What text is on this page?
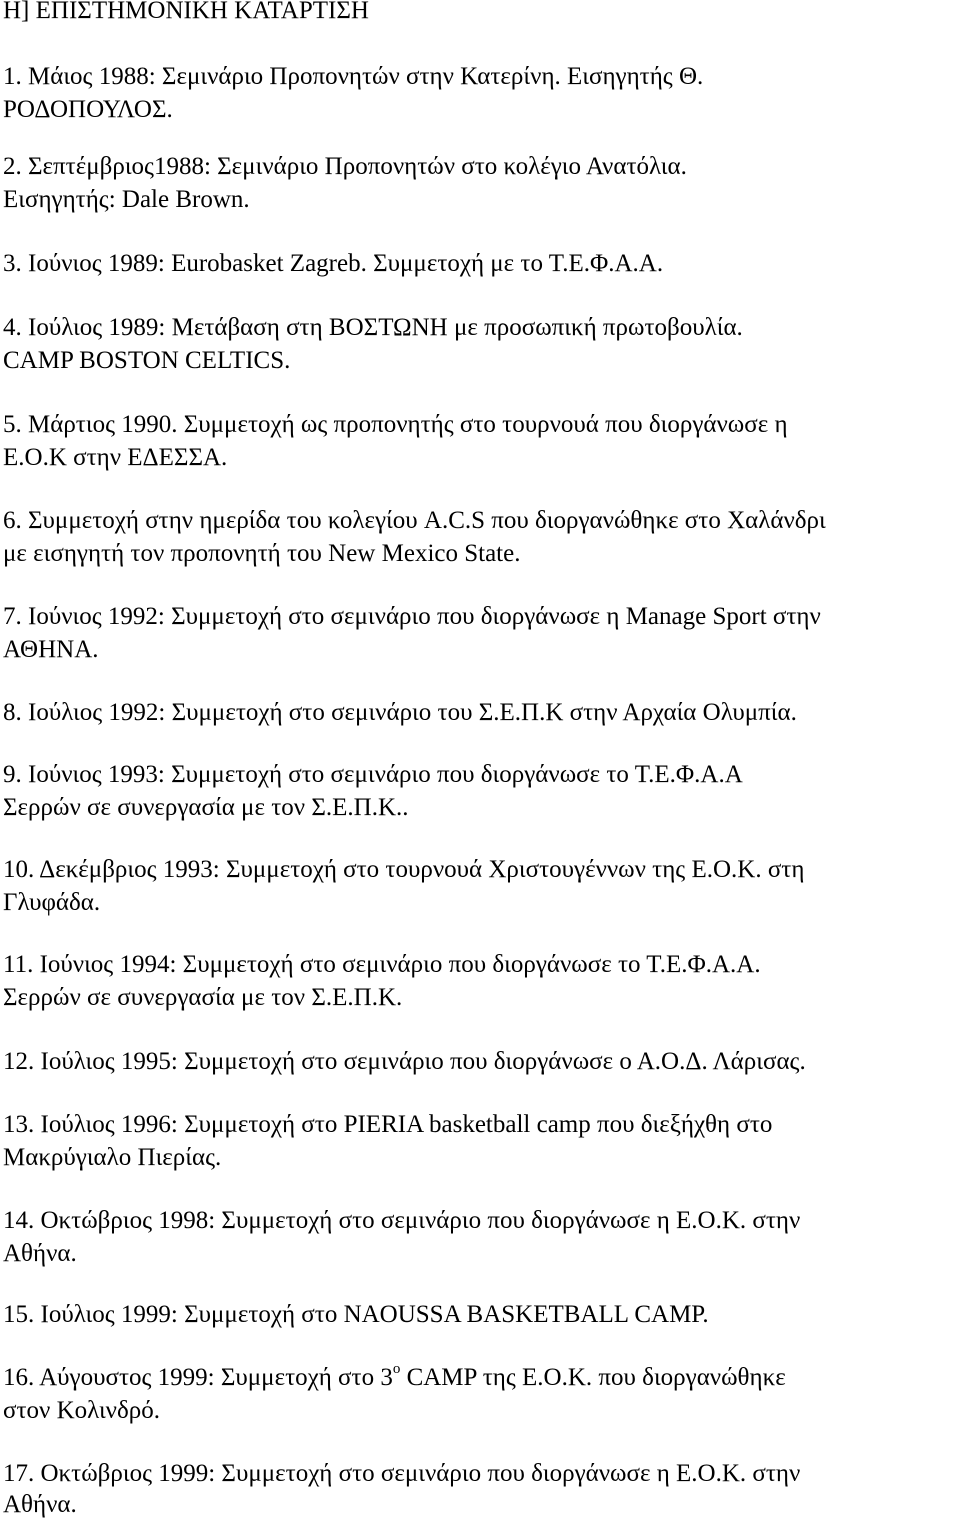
Η] ΕΠΙΣΤΗΜΟΝΙΚΗ ΚΑΤΑΡΤΙΣΗ
1. Μάιος 1988: Σεμινάριο Προπονητών στην Κατερίνη. Εισηγητής Θ.
ΡΟΔΟΠΟΥΛΟΣ.
2. Σεπτέμβριος1988: Σεμινάριο Προπονητών στο κολέγιο Ανατόλια.
Εισηγητής: Dale Brown.
3. Ιούνιος 1989: Eurobasket Zagreb. Συμμετοχή με το Τ.Ε.Φ.Α.Α.
4. Ιούλιος 1989: Μετάβαση στη ΒΟΣΤΩΝΗ με προσωπική πρωτοβουλία.
CAMP BOSTON CELTICS.
5. Μάρτιος 1990. Συμμετοχή ως προπονητής στο τουρνουά που διοργάνωσε η
Ε.Ο.Κ στην ΕΔΕΣΣΑ.
6. Συμμετοχή στην ημερίδα του κολεγίου A.C.S που διοργανώθηκε στο Χαλάνδρι
με εισηγητή τον προπονητή του New Mexico State.
7. Ιούνιος 1992: Συμμετοχή στο σεμινάριο που διοργάνωσε η Manage Sport στην
ΑΘΗΝΑ.
8. Ιούλιος 1992: Συμμετοχή στο σεμινάριο του Σ.Ε.Π.Κ στην Αρχαία Ολυμπία.
9. Ιούνιος 1993: Συμμετοχή στο σεμινάριο που διοργάνωσε το Τ.Ε.Φ.Α.Α
Σερρών σε συνεργασία με τον Σ.Ε.Π.Κ..
10. Δεκέμβριος 1993: Συμμετοχή στο τουρνουά Χριστουγέννων της Ε.Ο.Κ. στη
Γλυφάδα.
11. Ιούνιος 1994: Συμμετοχή στο σεμινάριο που διοργάνωσε το Τ.Ε.Φ.Α.Α.
Σερρών σε συνεργασία με τον Σ.Ε.Π.Κ.
12. Ιούλιος 1995: Συμμετοχή στο σεμινάριο που διοργάνωσε ο Α.Ο.Δ. Λάρισας.
13. Ιούλιος 1996: Συμμετοχή στο PIERIA basketball camp που διεξήχθη στο
Μακρύγιαλο Πιερίας.
14. Οκτώβριος 1998: Συμμετοχή στο σεμινάριο που διοργάνωσε η Ε.Ο.Κ. στην
Αθήνα.
15. Ιούλιος 1999: Συμμετοχή στο NAOUSSA BASKETBALL CAMP.
16. Αύγουστος 1999: Συμμετοχή στο $3^o$ CAMP της Ε.Ο.Κ. που διοργανώθηκε
στον Κολινδρό.
17. Οκτώβριος 1999: Συμμετοχή στο σεμινάριο που διοργάνωσε η Ε.Ο.Κ. στην
Αθήνα.
